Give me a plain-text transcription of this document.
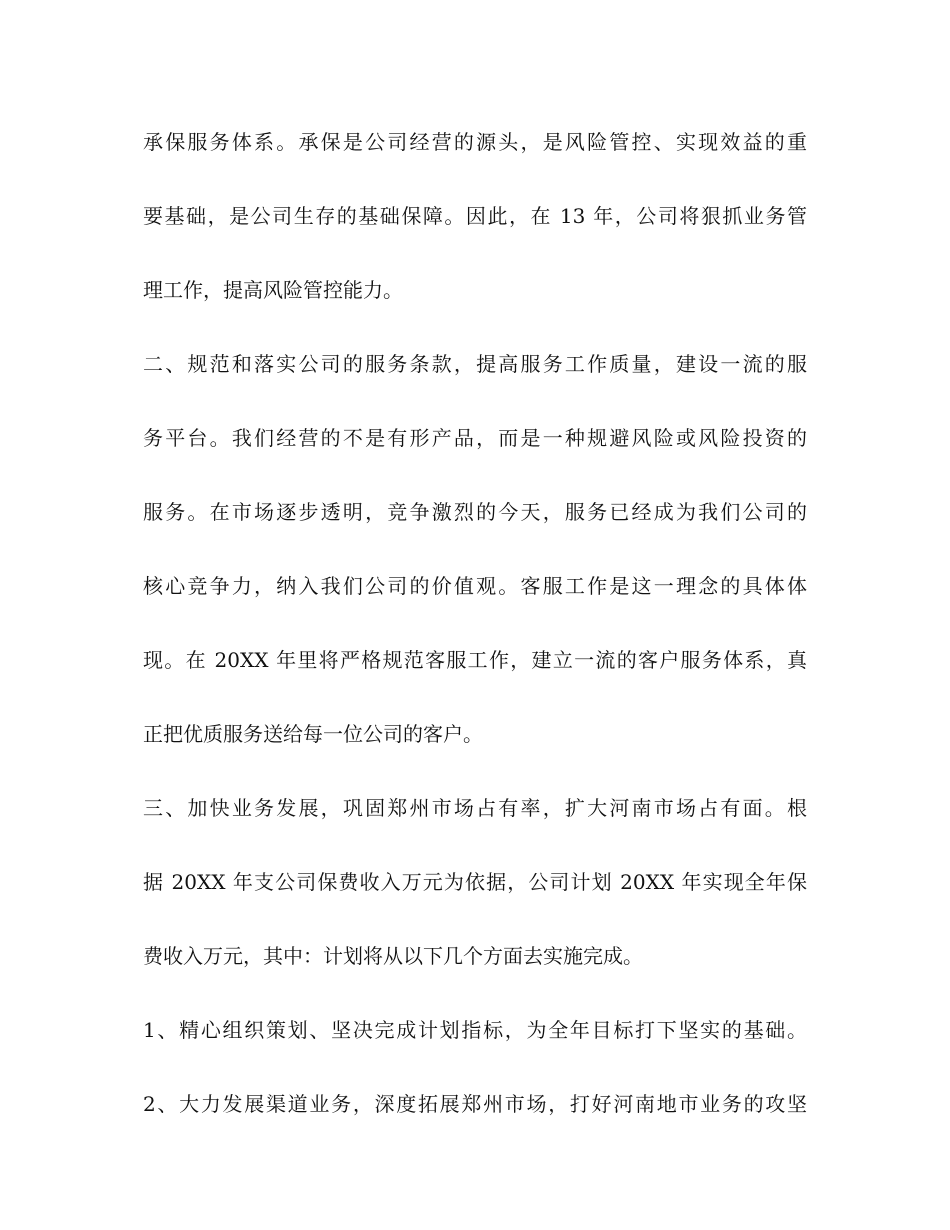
承保服务体系。承保是公司经营的源头，是风险管控、实现效益的重

要基础，是公司生存的基础保障。因此，在 13 年，公司将狠抓业务管

理工作，提高风险管控能力。

二、规范和落实公司的服务条款，提高服务工作质量，建设一流的服

务平台。我们经营的不是有形产品，而是一种规避风险或风险投资的

服务。在市场逐步透明，竞争激烈的今天，服务已经成为我们公司的

核心竞争力，纳入我们公司的价值观。客服工作是这一理念的具体体

现。在 20XX 年里将严格规范客服工作，建立一流的客户服务体系，真

正把优质服务送给每一位公司的客户。

三、加快业务发展，巩固郑州市场占有率，扩大河南市场占有面。根

据 20XX 年支公司保费收入万元为依据，公司计划 20XX 年实现全年保

费收入万元，其中：计划将从以下几个方面去实施完成。

1、精心组织策划、坚决完成计划指标，为全年目标打下坚实的基础。

2、大力发展渠道业务，深度拓展郑州市场，打好河南地市业务的攻坚
